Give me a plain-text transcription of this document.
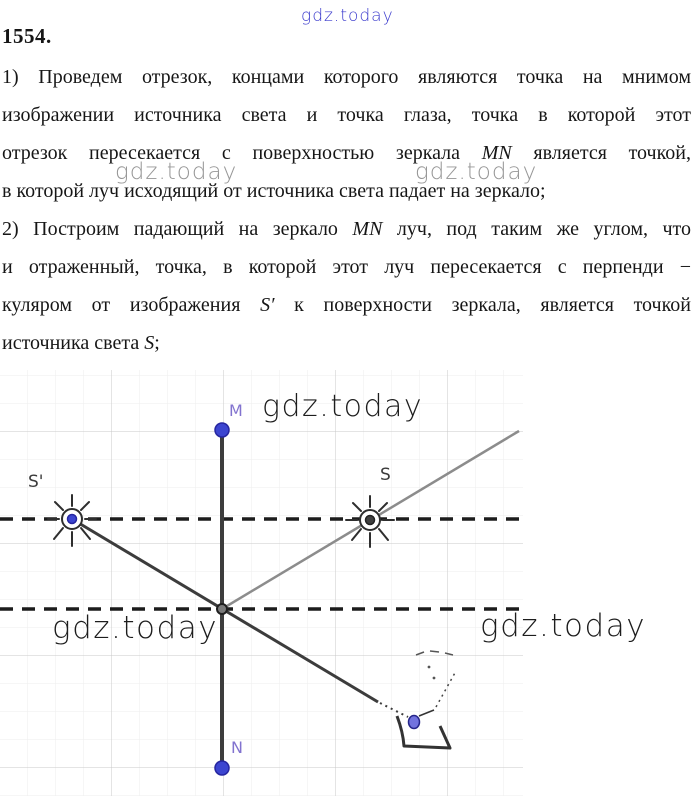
gdz.today
1554.
1) Проведем отрезок, концами которого являются точка на мнимом
изображении источника света и точка глаза, точка в которой этот
отрезок пересекается с поверхностью зеркала MN является точкой,
в которой луч исходящий от источника света падает на зеркало;
2) Построим падающий на зеркало MN луч, под таким же углом, что
и отраженный, точка, в которой этот луч пересекается с перпенди −
куляром от изображения S′ к поверхности зеркала, является точкой
источника света S;
gdz.today	gdz.today
M
N
S'	S
gdz.today
gdz.today	gdz.today
